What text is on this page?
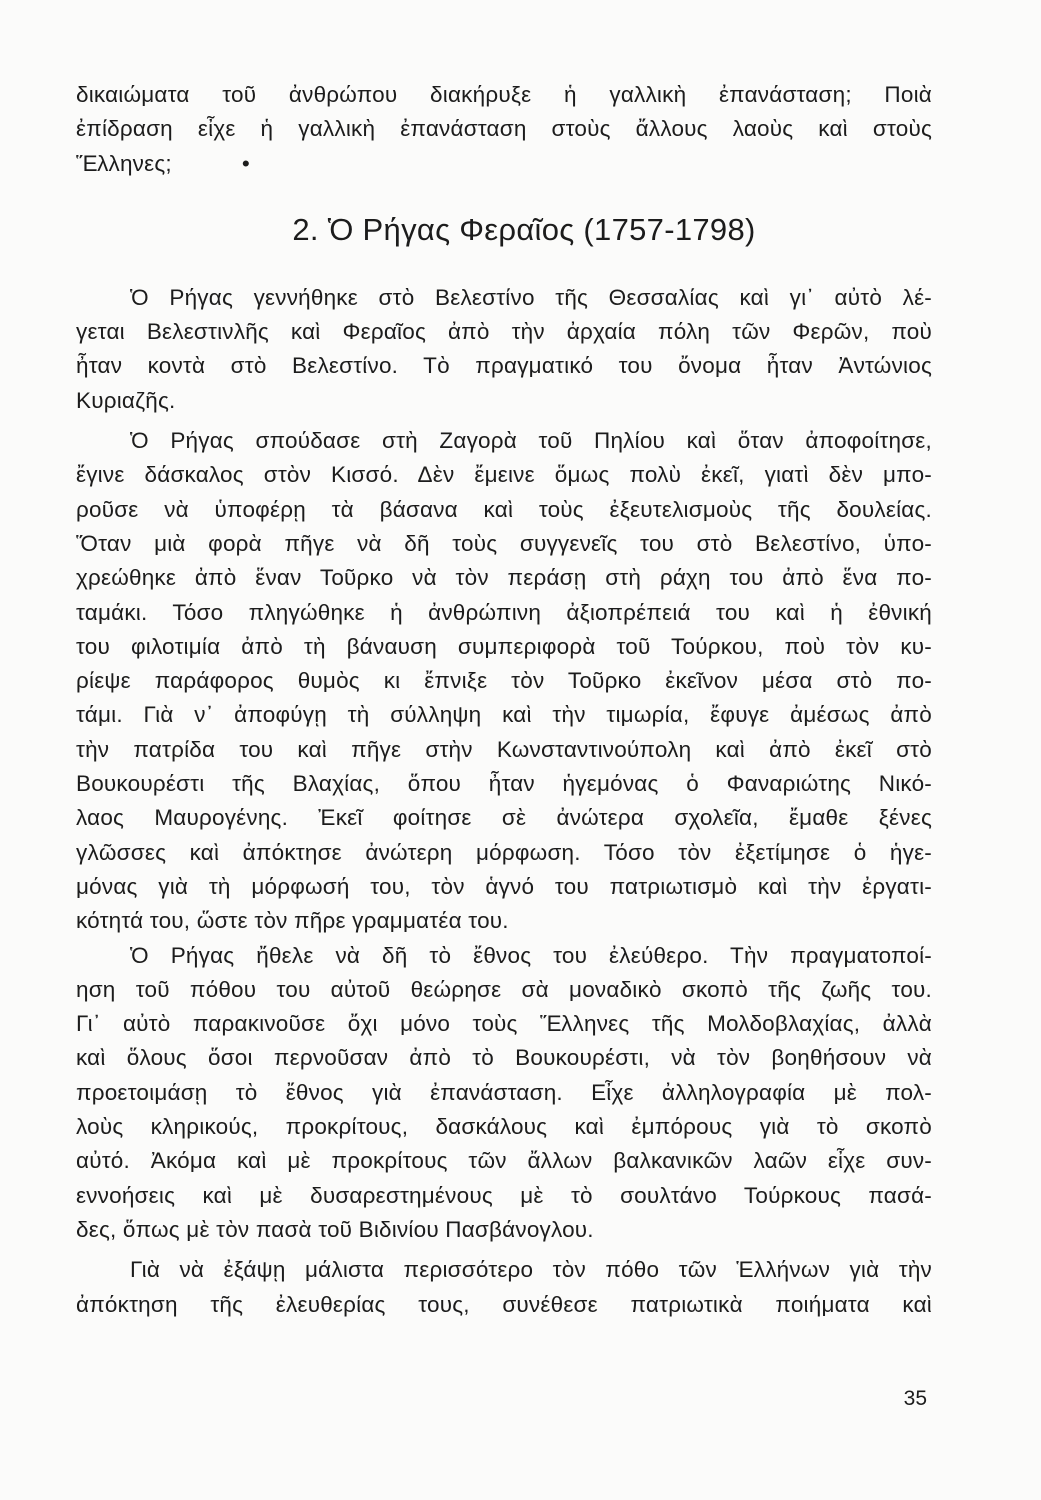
δικαιώματα τοῦ ἀνθρώπου διακήρυξε ἡ γαλλικὴ ἐπανάσταση; Ποιὰ
ἐπίδραση εἶχε ἡ γαλλικὴ ἐπανάσταση στοὺς ἄλλους λαοὺς καὶ στοὺς
Ἕλληνες;	•
2. Ὁ Ρήγας Φεραῖος (1757-1798)
Ὁ Ρήγας γεννήθηκε στὸ Βελεστίνο τῆς Θεσσαλίας καὶ γι᾽ αὐτὸ λέ-
γεται Βελεστινλῆς καὶ Φεραῖος ἀπὸ τὴν ἀρχαία πόλη τῶν Φερῶν, ποὺ
ἦταν κοντὰ στὸ Βελεστίνο. Τὸ πραγματικό του ὄνομα ἦταν Ἀντώνιος
Κυριαζῆς.
Ὁ Ρήγας σπούδασε στὴ Ζαγορὰ τοῦ Πηλίου καὶ ὅταν ἀποφοίτησε,
ἔγινε δάσκαλος στὸν Κισσό. Δὲν ἔμεινε ὅμως πολὺ ἐκεῖ, γιατὶ δὲν μπο-
ροῦσε νὰ ὑποφέρῃ τὰ βάσανα καὶ τοὺς ἐξευτελισμοὺς τῆς δουλείας.
Ὅταν μιὰ φορὰ πῆγε νὰ δῆ τοὺς συγγενεῖς του στὸ Βελεστίνο, ὑπο-
χρεώθηκε ἀπὸ ἕναν Τοῦρκο νὰ τὸν περάσῃ στὴ ράχη του ἀπὸ ἕνα πο-
ταμάκι. Τόσο πληγώθηκε ἡ ἀνθρώπινη ἀξιοπρέπειά του καὶ ἡ ἐθνική
του φιλοτιμία ἀπὸ τὴ βάναυση συμπεριφορὰ τοῦ Τούρκου, ποὺ τὸν κυ-
ρίεψε παράφορος θυμὸς κι ἔπνιξε τὸν Τοῦρκο ἐκεῖνον μέσα στὸ πο-
τάμι. Γιὰ ν᾽ ἀποφύγῃ τὴ σύλληψη καὶ τὴν τιμωρία, ἔφυγε ἀμέσως ἀπὸ
τὴν πατρίδα του καὶ πῆγε στὴν Κωνσταντινούπολη καὶ ἀπὸ ἐκεῖ στὸ
Βουκουρέστι τῆς Βλαχίας, ὅπου ἦταν ἡγεμόνας ὁ Φαναριώτης Νικό-
λαος Μαυρογένης. Ἐκεῖ φοίτησε σὲ ἀνώτερα σχολεῖα, ἔμαθε ξένες
γλῶσσες καὶ ἀπόκτησε ἀνώτερη μόρφωση. Τόσο τὸν ἐξετίμησε ὁ ἡγε-
μόνας γιὰ τὴ μόρφωσή του, τὸν ἁγνό του πατριωτισμὸ καὶ τὴν ἐργατι-
κότητά του, ὥστε τὸν πῆρε γραμματέα του.
Ὁ Ρήγας ἤθελε νὰ δῆ τὸ ἔθνος του ἐλεύθερο. Τὴν πραγματοποί-
ηση τοῦ πόθου του αὐτοῦ θεώρησε σὰ μοναδικὸ σκοπὸ τῆς ζωῆς του.
Γι᾽ αὐτὸ παρακινοῦσε ὄχι μόνο τοὺς Ἕλληνες τῆς Μολδοβλαχίας, ἀλλὰ
καὶ ὅλους ὅσοι περνοῦσαν ἀπὸ τὸ Βουκουρέστι, νὰ τὸν βοηθήσουν νὰ
προετοιμάσῃ τὸ ἔθνος γιὰ ἐπανάσταση. Εἶχε ἀλληλογραφία μὲ πολ-
λοὺς κληρικούς, προκρίτους, δασκάλους καὶ ἐμπόρους γιὰ τὸ σκοπὸ
αὐτό. Ἀκόμα καὶ μὲ προκρίτους τῶν ἄλλων βαλκανικῶν λαῶν εἶχε συν-
εννοήσεις καὶ μὲ δυσαρεστημένους μὲ τὸ σουλτάνο Τούρκους πασά-
δες, ὅπως μὲ τὸν πασὰ τοῦ Βιδινίου Πασβάνογλου.
Γιὰ νὰ ἐξάψῃ μάλιστα περισσότερο τὸν πόθο τῶν Ἑλλήνων γιὰ τὴν
ἀπόκτηση τῆς ἐλευθερίας τους, συνέθεσε πατριωτικὰ ποιήματα καὶ
35
